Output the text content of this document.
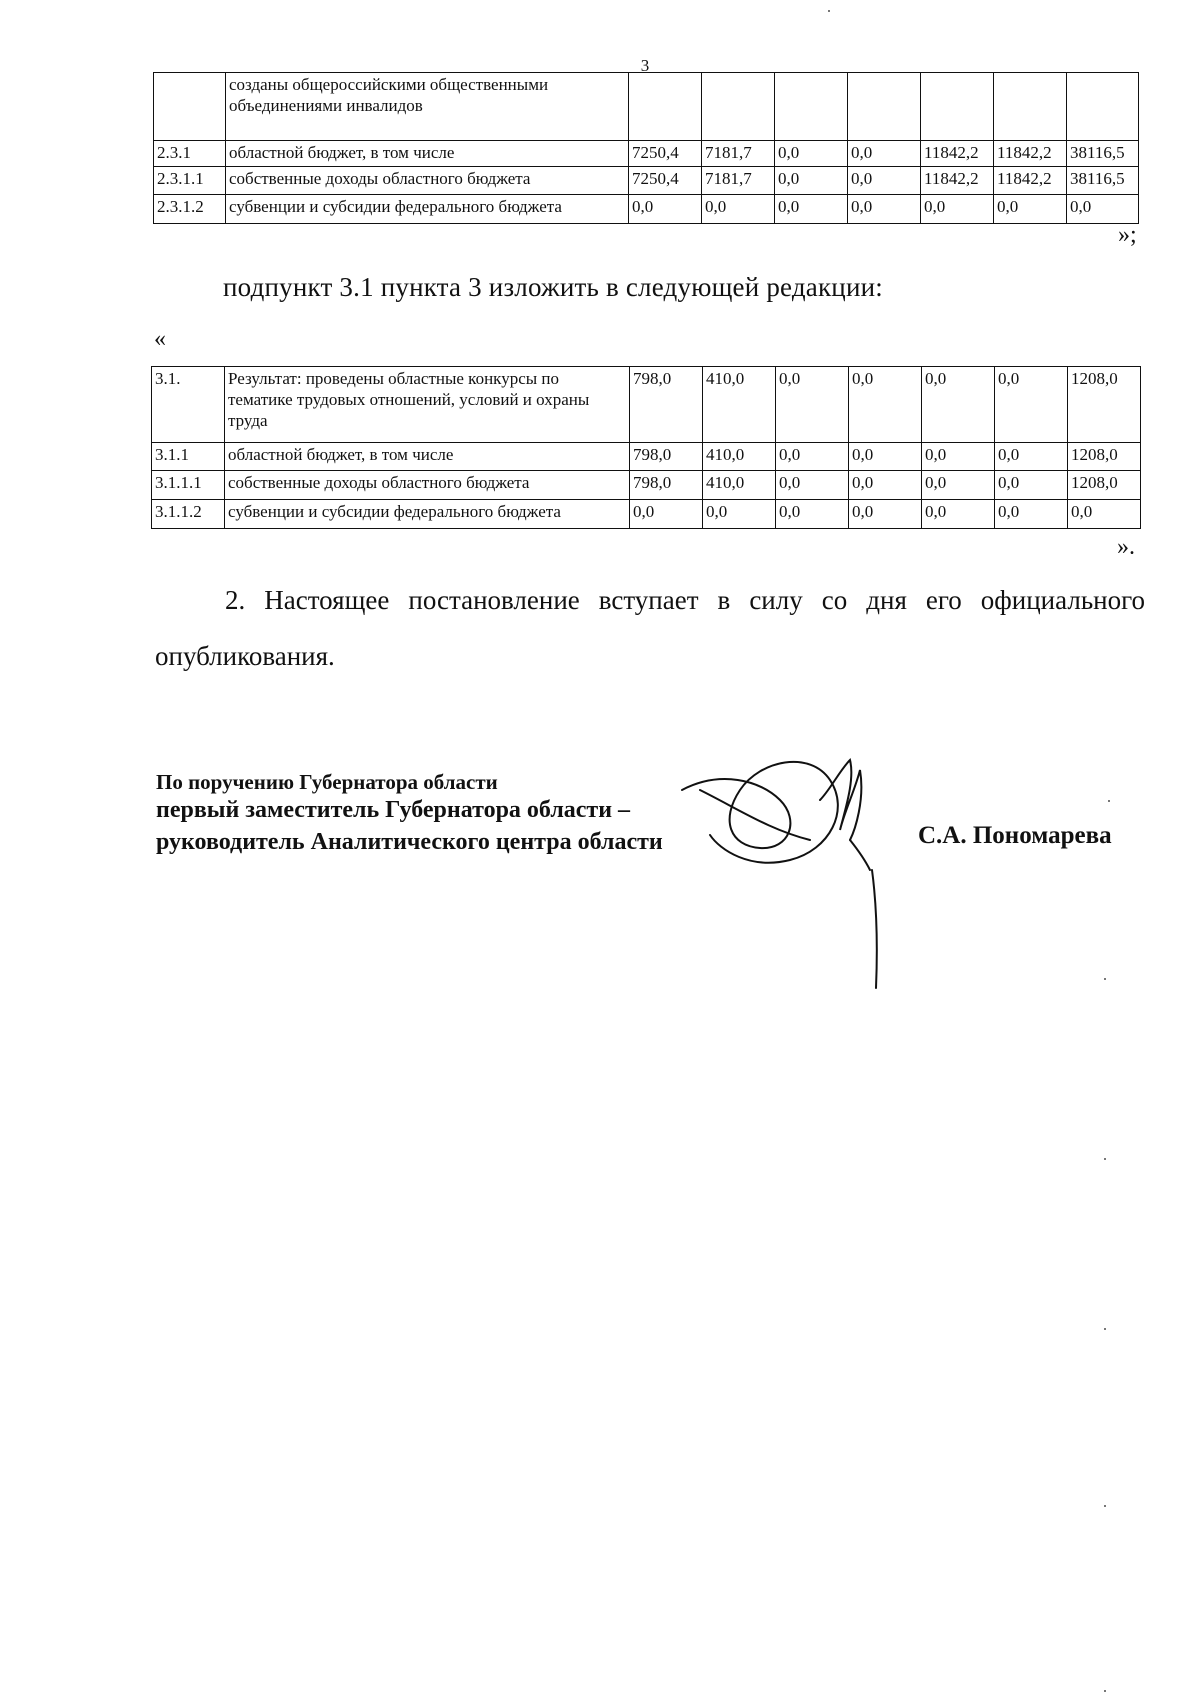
3
	созданы общероссийскими общественными объединениями инвалидов							
2.3.1	областной бюджет, в том числе	7250,4	7181,7	0,0	0,0	11842,2	11842,2	38116,5
2.3.1.1	собственные доходы областного бюджета	7250,4	7181,7	0,0	0,0	11842,2	11842,2	38116,5
2.3.1.2	субвенции и субсидии федерального бюджета	0,0	0,0	0,0	0,0	0,0	0,0	0,0
»;
подпункт 3.1 пункта 3 изложить в следующей редакции:
«
3.1.	Результат: проведены областные конкурсы по тематике трудовых отношений, условий и охраны труда	798,0	410,0	0,0	0,0	0,0	0,0	1208,0
3.1.1	областной бюджет, в том числе	798,0	410,0	0,0	0,0	0,0	0,0	1208,0
3.1.1.1	собственные доходы областного бюджета	798,0	410,0	0,0	0,0	0,0	0,0	1208,0
3.1.1.2	субвенции и субсидии федерального бюджета	0,0	0,0	0,0	0,0	0,0	0,0	0,0
».
2. Настоящее постановление вступает в силу со дня его официального
опубликования.
По поручению Губернатора области
первый заместитель Губернатора области –
руководитель Аналитического центра области	С.А. Пономарева
